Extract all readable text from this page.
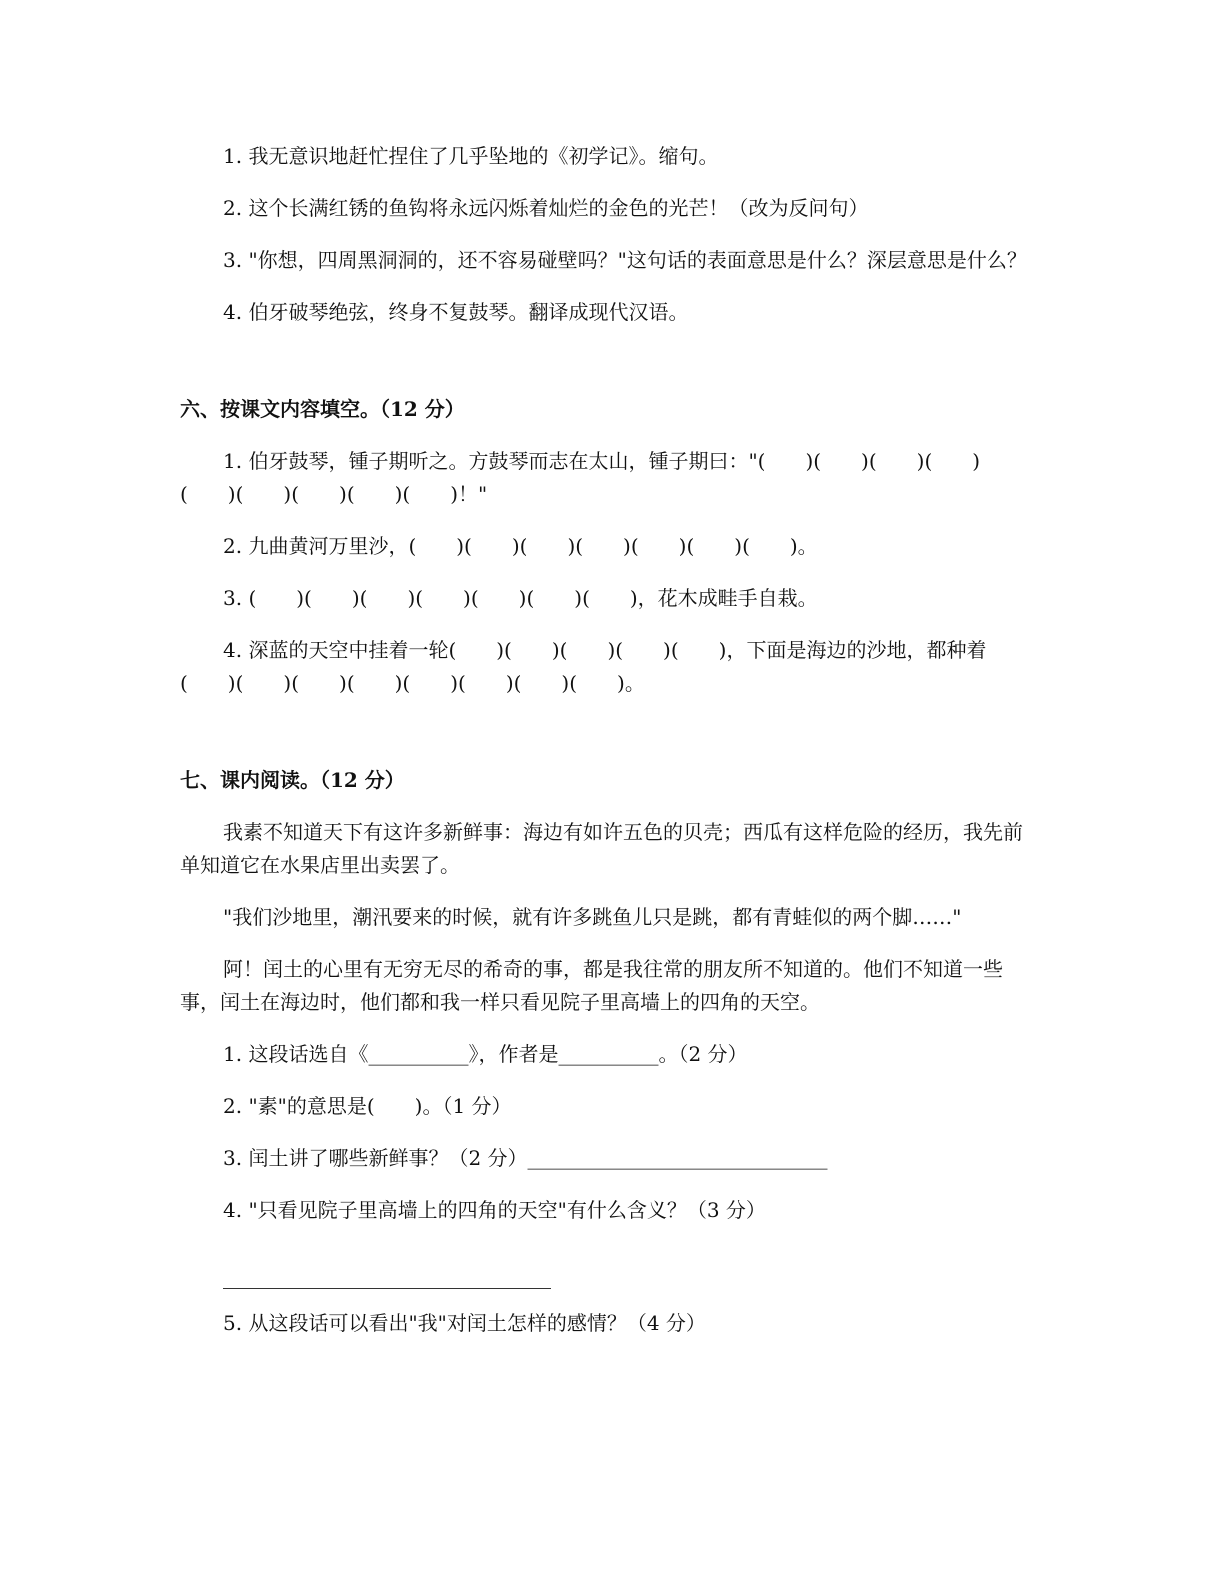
1. 我无意识地赶忙捏住了几乎坠地的《初学记》。缩句。

2. 这个长满红锈的鱼钩将永远闪烁着灿烂的金色的光芒！（改为反问句）

3. "你想，四周黑洞洞的，还不容易碰壁吗？"这句话的表面意思是什么？深层意思是什么？

4. 伯牙破琴绝弦，终身不复鼓琴。翻译成现代汉语。

六、按课文内容填空。（12 分）

1. 伯牙鼓琴，锺子期听之。方鼓琴而志在太山，锺子期曰："(　　)(　　)(　　)(　　)(　　)(　　)(　　)(　　)(　　)！"

2. 九曲黄河万里沙，(　　)(　　)(　　)(　　)(　　)(　　)(　　)。

3. (　　)(　　)(　　)(　　)(　　)(　　)(　　)，花木成畦手自栽。

4. 深蓝的天空中挂着一轮(　　)(　　)(　　)(　　)(　　)，下面是海边的沙地，都种着(　　)(　　)(　　)(　　)(　　)(　　)(　　)(　　)。

七、课内阅读。（12 分）

我素不知道天下有这许多新鲜事：海边有如许五色的贝壳；西瓜有这样危险的经历，我先前单知道它在水果店里出卖罢了。

"我们沙地里，潮汛要来的时候，就有许多跳鱼儿只是跳，都有青蛙似的两个脚……"

阿！闰土的心里有无穷无尽的希奇的事，都是我往常的朋友所不知道的。他们不知道一些事，闰土在海边时，他们都和我一样只看见院子里高墙上的四角的天空。

1. 这段话选自《__________》，作者是__________。（2 分）

2. "素"的意思是(　　)。（1 分）

3. 闰土讲了哪些新鲜事？（2 分）______________________________

4. "只看见院子里高墙上的四角的天空"有什么含义？（3 分）

5. 从这段话可以看出"我"对闰土怎样的感情？（4 分）
